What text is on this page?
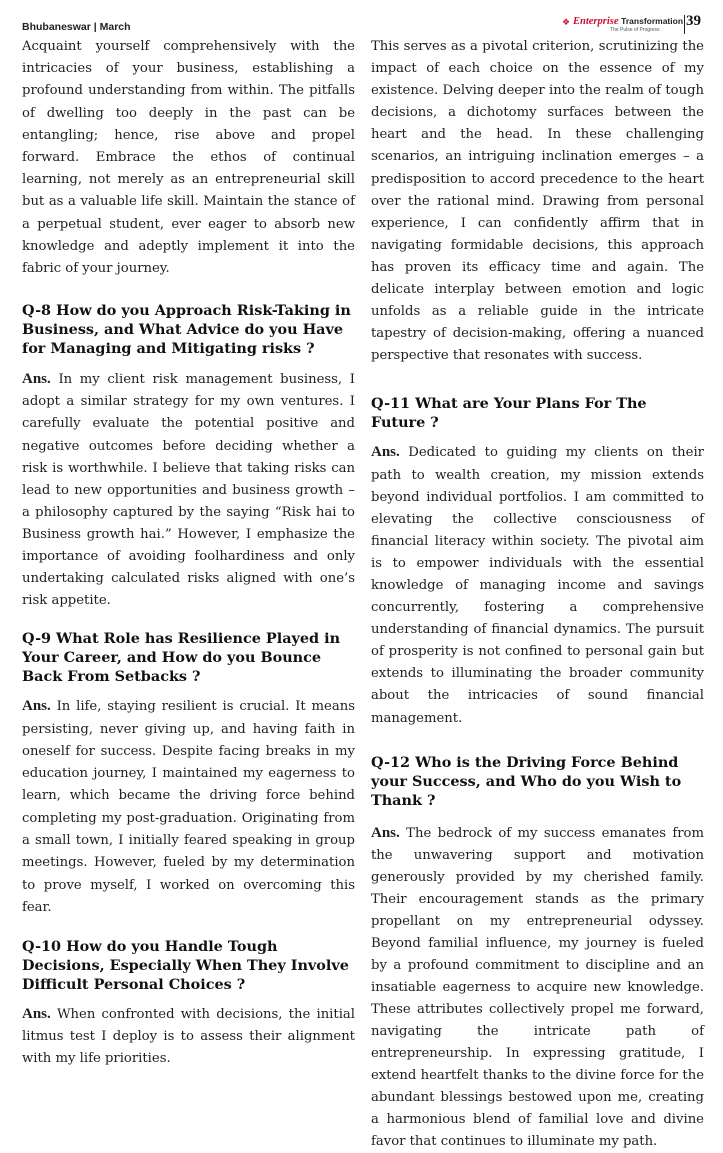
Bhubaneswar | March	❖ Enterprise Transformation
The Pulse of Progress
39

Acquaint yourself comprehensively with the intricacies of your business, establishing a profound understanding from within. The pitfalls of dwelling too deeply in the past can be entangling; hence, rise above and propel forward. Embrace the ethos of continual learning, not merely as an entrepreneurial skill but as a valuable life skill. Maintain the stance of a perpetual student, ever eager to absorb new knowledge and adeptly implement it into the fabric of your journey.

Q-8 How do you Approach Risk-Taking in Business, and What Advice do you Have for Managing and Mitigating risks ?

Ans. In my client risk management business, I adopt a similar strategy for my own ventures. I carefully evaluate the potential positive and negative outcomes before deciding whether a risk is worthwhile. I believe that taking risks can lead to new opportunities and business growth – a philosophy captured by the saying “Risk hai to Business growth hai.” However, I emphasize the importance of avoiding foolhardiness and only undertaking calculated risks aligned with one’s risk appetite.

Q-9 What Role has Resilience Played in Your Career, and How do you Bounce Back From Setbacks ?

Ans. In life, staying resilient is crucial. It means persisting, never giving up, and having faith in oneself for success. Despite facing breaks in my education journey, I maintained my eagerness to learn, which became the driving force behind completing my post-graduation. Originating from a small town, I initially feared speaking in group meetings. However, fueled by my determination to prove myself, I worked on overcoming this fear.

Q-10 How do you Handle Tough Decisions, Especially When They Involve Difficult Personal Choices ?

Ans. When confronted with decisions, the initial litmus test I deploy is to assess their alignment with my life priorities.

This serves as a pivotal criterion, scrutinizing the impact of each choice on the essence of my existence. Delving deeper into the realm of tough decisions, a dichotomy surfaces between the heart and the head. In these challenging scenarios, an intriguing inclination emerges – a predisposition to accord precedence to the heart over the rational mind. Drawing from personal experience, I can confidently affirm that in navigating formidable decisions, this approach has proven its efficacy time and again. The delicate interplay between emotion and logic unfolds as a reliable guide in the intricate tapestry of decision-making, offering a nuanced perspective that resonates with success.

Q-11 What are Your Plans For The Future ?

Ans. Dedicated to guiding my clients on their path to wealth creation, my mission extends beyond individual portfolios. I am committed to elevating the collective consciousness of financial literacy within society. The pivotal aim is to empower individuals with the essential knowledge of managing income and savings concurrently, fostering a comprehensive understanding of financial dynamics. The pursuit of prosperity is not confined to personal gain but extends to illuminating the broader community about the intricacies of sound financial management.

Q-12 Who is the Driving Force Behind your Success, and Who do you Wish to Thank ?

Ans. The bedrock of my success emanates from the unwavering support and motivation generously provided by my cherished family. Their encouragement stands as the primary propellant on my entrepreneurial odyssey. Beyond familial influence, my journey is fueled by a profound commitment to discipline and an insatiable eagerness to acquire new knowledge. These attributes collectively propel me forward, navigating the intricate path of entrepreneurship. In expressing gratitude, I extend heartfelt thanks to the divine force for the abundant blessings bestowed upon me, creating a harmonious blend of familial love and divine favor that continues to illuminate my path.
